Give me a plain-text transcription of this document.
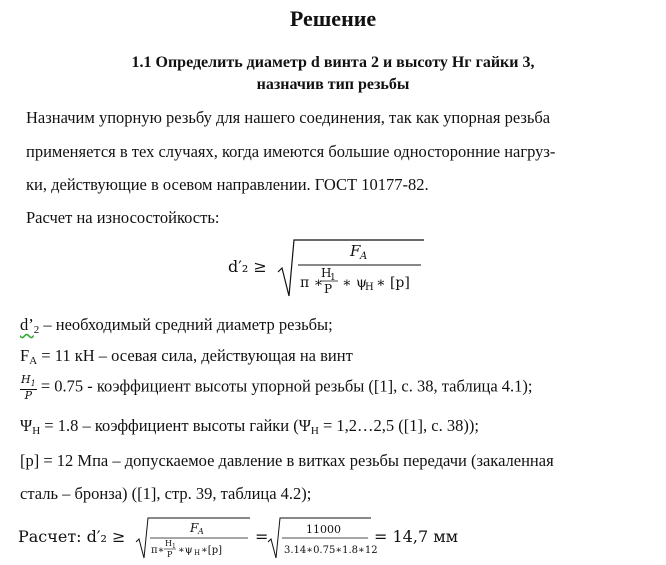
Решение
1.1 Определить диаметр d винта 2 и высоту Hг гайки 3,
назначив тип резьбы
Назначим упорную резьбу для нашего соединения, так как упорная резьба
применяется в тех случаях, когда имеются большие односторонние нагруз-
ки, действующие в осевом направлении. ГОСТ 10177-82.
Расчет на износостойкость:
d′₂ ≥
F A
π ∗
H
1
P ∗ ψ
H ∗ [p]
$d’_2$ – необходимый средний диаметр резьбы;
$F_A = 11$ кН – осевая сила, действующая на винт
$\frac{H_1}{P} = 0.75$ - коэффициент высоты упорной резьбы ([1], с. 38, таблица 4.1);
$\Psi_H = 1.8$ – коэффициент высоты гайки ($\Psi_H$ = 1,2…2,5 ([1], с. 38));
[p] = 12 Мпа – допускаемое давление в витках резьбы передачи (закаленная
сталь – бронза) ([1], стр. 39, таблица 4.2);
Расчет: d′₂ ≥	F A
π∗
H 1
P ∗ψ H ∗[p]
=	11000
3.14∗0.75∗1.8∗12
= 14,7 мм
